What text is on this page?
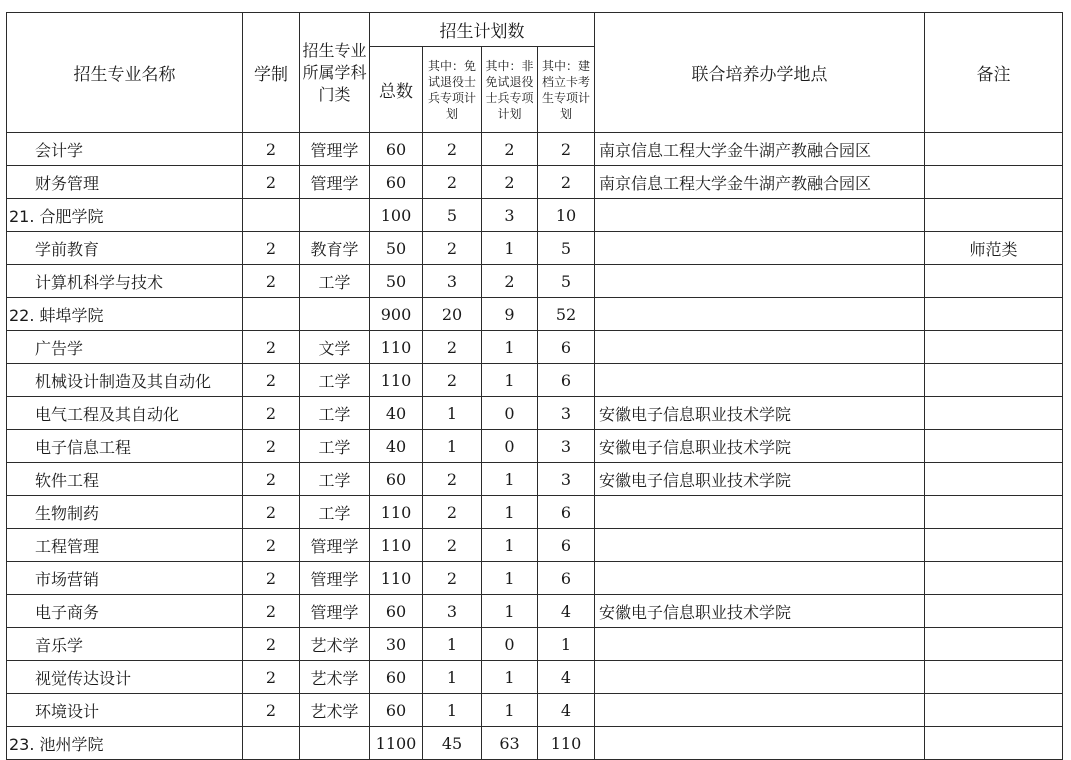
招生专业名称	学制	招生专业所属学科门类	招生计划数				联合培养办学地点	备注
			总数	其中：免试退役士兵专项计划	其中：非免试退役士兵专项计划	其中：建档立卡考生专项计划		
会计学	2	管理学	60	2	2	2	南京信息工程大学金牛湖产教融合园区	
财务管理	2	管理学	60	2	2	2	南京信息工程大学金牛湖产教融合园区	
21. 合肥学院			100	5	3	10		
学前教育	2	教育学	50	2	1	5		师范类
计算机科学与技术	2	工学	50	3	2	5		
22. 蚌埠学院			900	20	9	52		
广告学	2	文学	110	2	1	6		
机械设计制造及其自动化	2	工学	110	2	1	6		
电气工程及其自动化	2	工学	40	1	0	3	安徽电子信息职业技术学院	
电子信息工程	2	工学	40	1	0	3	安徽电子信息职业技术学院	
软件工程	2	工学	60	2	1	3	安徽电子信息职业技术学院	
生物制药	2	工学	110	2	1	6		
工程管理	2	管理学	110	2	1	6		
市场营销	2	管理学	110	2	1	6		
电子商务	2	管理学	60	3	1	4	安徽电子信息职业技术学院	
音乐学	2	艺术学	30	1	0	1		
视觉传达设计	2	艺术学	60	1	1	4		
环境设计	2	艺术学	60	1	1	4		
23. 池州学院			1100	45	63	110		
